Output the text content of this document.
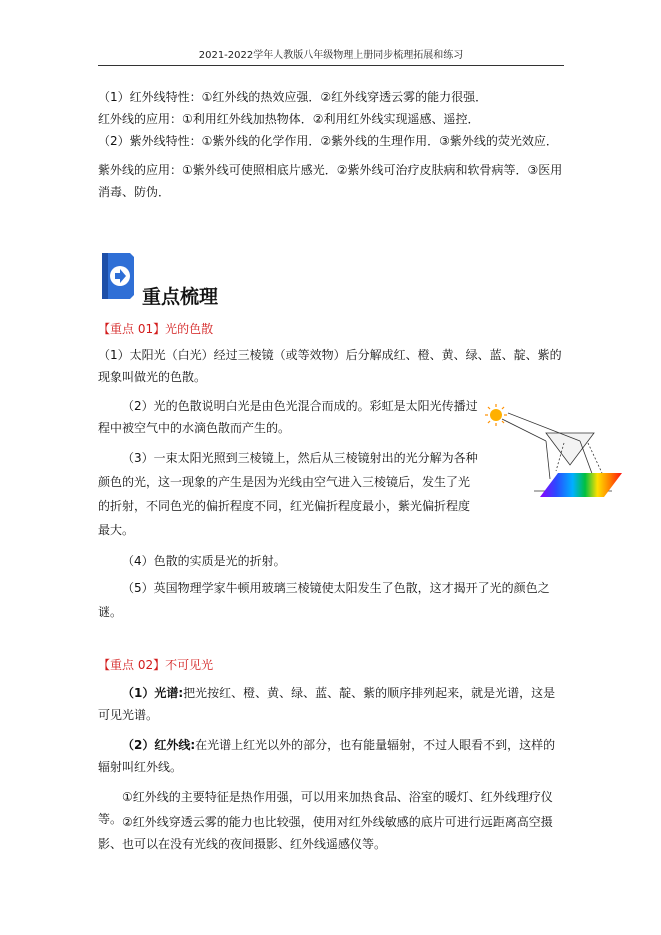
2021-2022学年人教版八年级物理上册同步梳理拓展和练习

（1）红外线特性：①红外线的热效应强．②红外线穿透云雾的能力很强．

红外线的应用：①利用红外线加热物体．②利用红外线实现遥感、遥控．

（2）紫外线特性：①紫外线的化学作用．②紫外线的生理作用．③紫外线的荧光效应．

紫外线的应用：①紫外线可使照相底片感光．②紫外线可治疗皮肤病和软骨病等．③医用消毒、防伪．

重点梳理

【重点 01】光的色散

（1）太阳光（白光）经过三棱镜（或等效物）后分解成红、橙、黄、绿、蓝、靛、紫的现象叫做光的色散。

（2）光的色散说明白光是由色光混合而成的。彩虹是太阳光传播过程中被空气中的水滴色散而产生的。

（3）一束太阳光照到三棱镜上，然后从三棱镜射出的光分解为各种颜色的光，这一现象的产生是因为光线由空气进入三棱镜后，发生了光的折射，不同色光的偏折程度不同，红光偏折程度最小，紫光偏折程度最大。

（4）色散的实质是光的折射。

（5）英国物理学家牛顿用玻璃三棱镜使太阳发生了色散，这才揭开了光的颜色之谜。

【重点 02】不可见光

（1）光谱:把光按红、橙、黄、绿、蓝、靛、紫的顺序排列起来，就是光谱，这是可见光谱。

（2）红外线:在光谱上红光以外的部分，也有能量辐射，不过人眼看不到，这样的辐射叫红外线。

①红外线的主要特征是热作用强，可以用来加热食品、浴室的暖灯、红外线理疗仪等。 ②红外线穿透云雾的能力也比较强，使用对红外线敏感的底片可进行远距离高空摄影、也可以在没有光线的夜间摄影、红外线遥感仪等。
